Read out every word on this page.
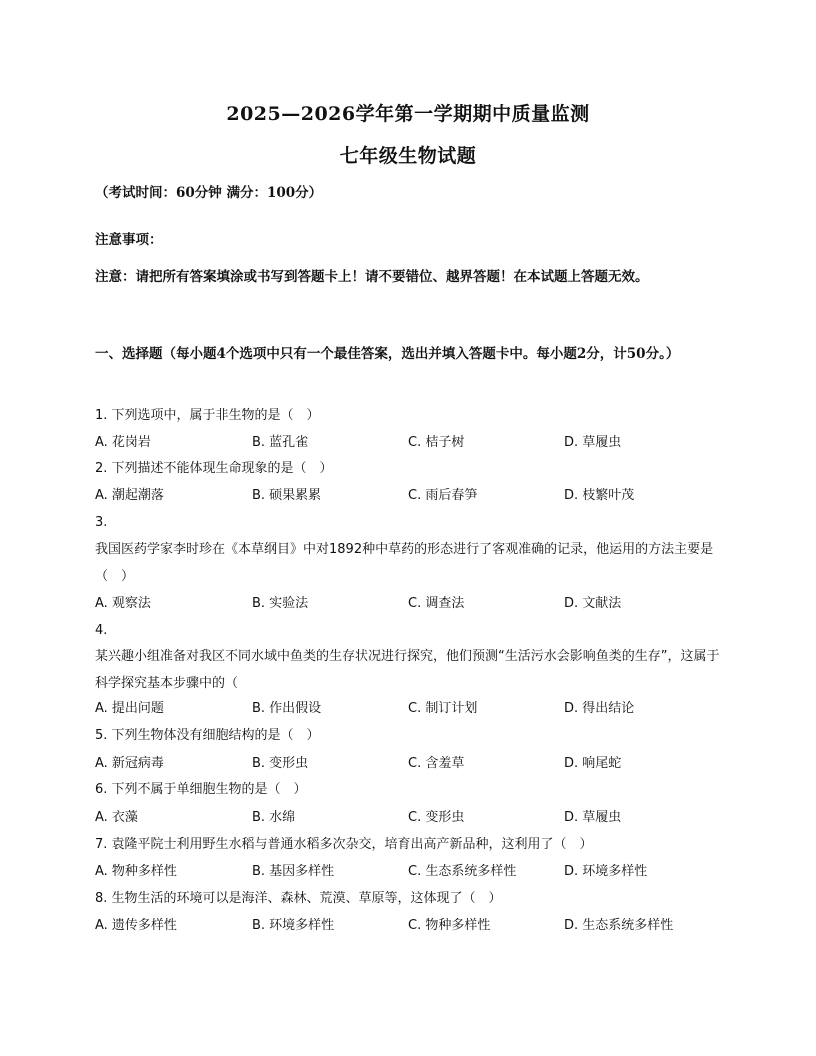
2025—2026学年第一学期期中质量监测
七年级生物试题
（考试时间：60分钟 满分：100分）
注意事项：
注意：请把所有答案填涂或书写到答题卡上！请不要错位、越界答题！在本试题上答题无效。
一、选择题（每小题4个选项中只有一个最佳答案，选出并填入答题卡中。每小题2分，计50分。）
1. 下列选项中，属于非生物的是（　）
A. 花岗岩	B. 蓝孔雀	C. 桔子树	D. 草履虫
2. 下列描述不能体现生命现象的是（　）
A. 潮起潮落	B. 硕果累累	C. 雨后春笋	D. 枝繁叶茂
3.
我国医药学家李时珍在《本草纲目》中对1892种中草药的形态进行了客观准确的记录，他运用的方法主要是（　）
A. 观察法	B. 实验法	C. 调查法	D. 文献法
4.
某兴趣小组准备对我区不同水域中鱼类的生存状况进行探究，他们预测“生活污水会影响鱼类的生存”，这属于科学探究基本步骤中的（
A. 提出问题	B. 作出假设	C. 制订计划	D. 得出结论
5. 下列生物体没有细胞结构的是（　）
A. 新冠病毒	B. 变形虫	C. 含羞草	D. 响尾蛇
6. 下列不属于单细胞生物的是（　）
A. 衣藻	B. 水绵	C. 变形虫	D. 草履虫
7. 袁隆平院士利用野生水稻与普通水稻多次杂交，培育出高产新品种，这利用了（　）
A. 物种多样性	B. 基因多样性	C. 生态系统多样性	D. 环境多样性
8. 生物生活的环境可以是海洋、森林、荒漠、草原等，这体现了（　）
A. 遗传多样性	B. 环境多样性	C. 物种多样性	D. 生态系统多样性
